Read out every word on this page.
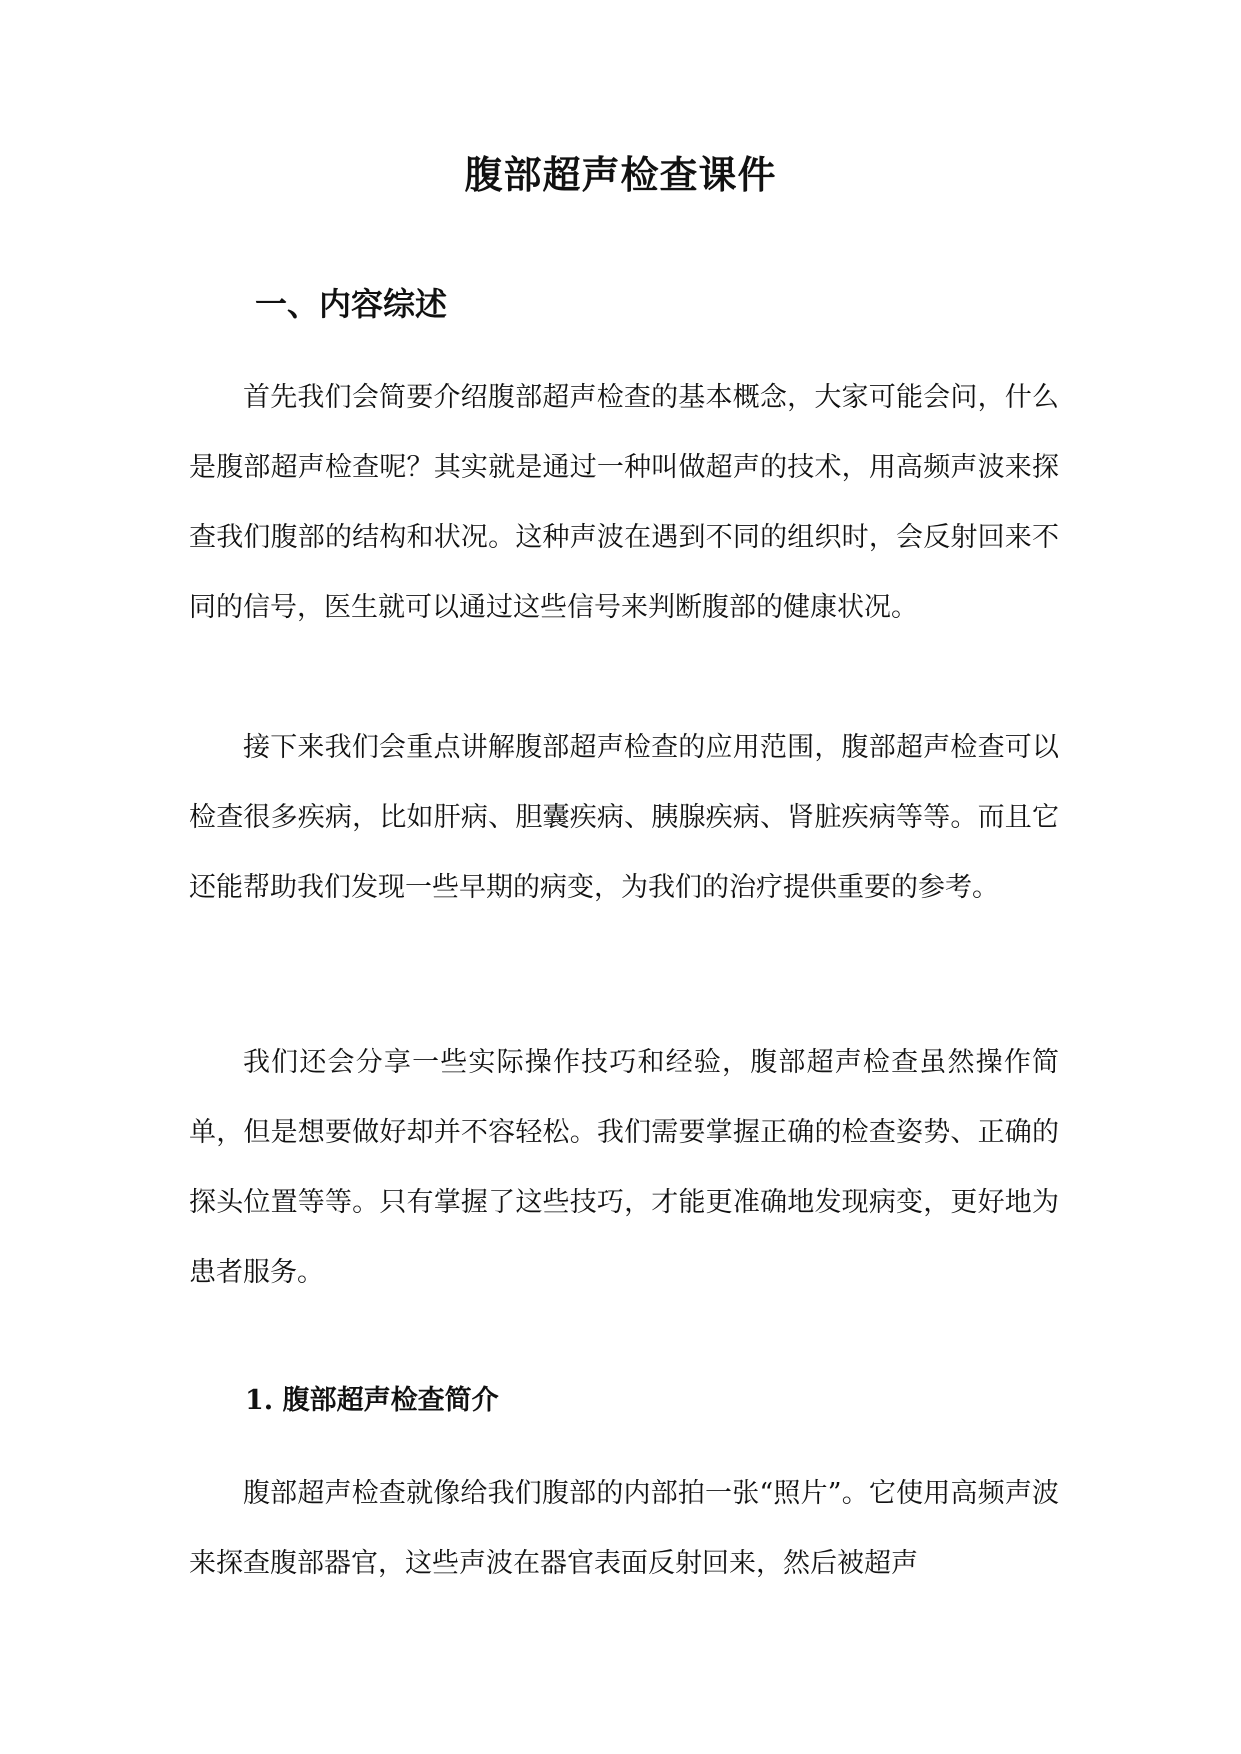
腹部超声检查课件
一、内容综述

首先我们会简要介绍腹部超声检查的基本概念，大家可能会问，什么是腹部超声检查呢？其实就是通过一种叫做超声的技术，用高频声波来探查我们腹部的结构和状况。这种声波在遇到不同的组织时，会反射回来不同的信号，医生就可以通过这些信号来判断腹部的健康状况。

接下来我们会重点讲解腹部超声检查的应用范围，腹部超声检查可以检查很多疾病，比如肝病、胆囊疾病、胰腺疾病、肾脏疾病等等。而且它还能帮助我们发现一些早期的病变，为我们的治疗提供重要的参考。

我们还会分享一些实际操作技巧和经验，腹部超声检查虽然操作简单，但是想要做好却并不容轻松。我们需要掌握正确的检查姿势、正确的探头位置等等。只有掌握了这些技巧，才能更准确地发现病变，更好地为患者服务。

1. 腹部超声检查简介

腹部超声检查就像给我们腹部的内部拍一张“照片”。它使用高频声波来探查腹部器官，这些声波在器官表面反射回来，然后被超声
